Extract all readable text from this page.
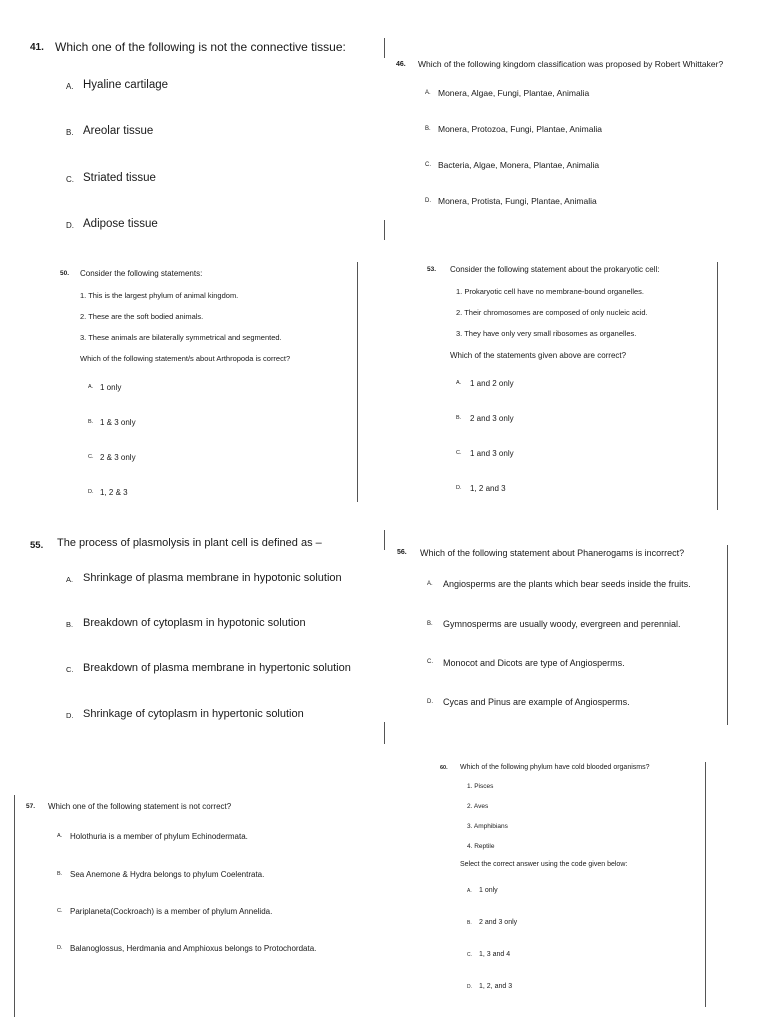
41. Which one of the following is not the connective tissue:
A. Hyaline cartilage
B. Areolar tissue
C. Striated tissue
D. Adipose tissue
46. Which of the following kingdom classification was proposed by Robert Whittaker?
A. Monera, Algae, Fungi, Plantae, Animalia
B. Monera, Protozoa, Fungi, Plantae, Animalia
C. Bacteria, Algae, Monera, Plantae, Animalia
D. Monera, Protista, Fungi, Plantae, Animalia
50. Consider the following statements:
1. This is the largest phylum of animal kingdom.
2. These are the soft bodied animals.
3. These animals are bilaterally symmetrical and segmented.
Which of the following statement/s about Arthropoda is correct?
A. 1 only
B. 1 & 3 only
C. 2 & 3 only
D. 1, 2 & 3
53. Consider the following statement about the prokaryotic cell:
1. Prokaryotic cell have no membrane-bound organelles.
2. Their chromosomes are composed of only nucleic acid.
3. They have only very small ribosomes as organelles.
Which of the statements given above are correct?
A. 1 and 2 only
B. 2 and 3 only
C. 1 and 3 only
D. 1, 2 and 3
55. The process of plasmolysis in plant cell is defined as –
A. Shrinkage of plasma membrane in hypotonic solution
B. Breakdown of cytoplasm in hypotonic solution
C. Breakdown of plasma membrane in hypertonic solution
D. Shrinkage of cytoplasm in hypertonic solution
56. Which of the following statement about Phanerogams is incorrect?
A. Angiosperms are the plants which bear seeds inside the fruits.
B. Gymnosperms are usually woody, evergreen and perennial.
C. Monocot and Dicots are type of Angiosperms.
D. Cycas and Pinus are example of Angiosperms.
57. Which one of the following statement is not correct?
A. Holothuria is a member of phylum Echinodermata.
B. Sea Anemone & Hydra belongs to phylum Coelentrata.
C. Pariplaneta(Cockroach) is a member of phylum Annelida.
D. Balanoglossus, Herdmania and Amphioxus belongs to Protochordata.
60. Which of the following phylum have cold blooded organisms?
1. Pisces
2. Aves
3. Amphibians
4. Reptile
Select the correct answer using the code given below:
A. 1 only
B. 2 and 3 only
C. 1, 3 and 4
D. 1, 2, and 3
